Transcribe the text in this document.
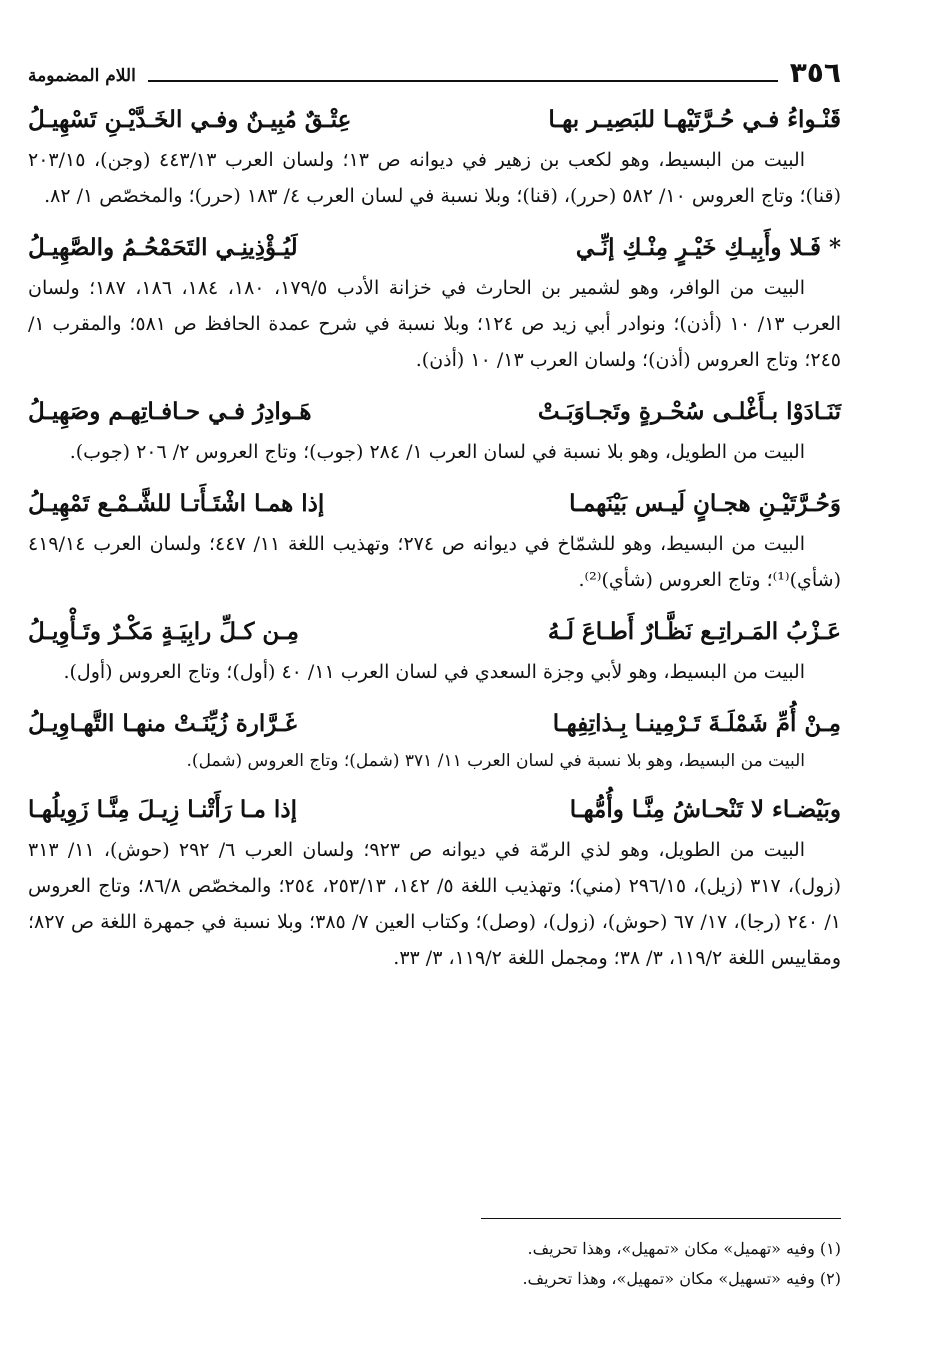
٣٥٦
اللام المضمومة
قَنْـواءُ فـي حُـرَّتَيْهـا للبَصِيـر بهـا
عِتْـقٌ مُبِيـنٌ وفـي الخَـدَّيْـنِ تَسْهِيـلُ

البيت من البسيط، وهو لكعب بن زهير في ديوانه ص ١٣؛ ولسان العرب ٤٤٣/١٣ (وجن)، ٢٠٣/١٥ (قنا)؛ وتاج العروس ١٠/ ٥٨٢ (حرر)، (قنا)؛ وبلا نسبة في لسان العرب ٤/ ١٨٣ (حرر)؛ والمخصّص ١/ ٨٢.

* فَـلا وأَبِيـكِ خَيْـرٍ مِنْـكِ إنِّـي
لَيُـؤْذِينِـي التَحَمْحُـمُ والصَّهِيـلُ

البيت من الوافر، وهو لشمير بن الحارث في خزانة الأدب ١٧٩/٥، ١٨٠، ١٨٤، ١٨٦، ١٨٧؛ ولسان العرب ١٣/ ١٠ (أذن)؛ ونوادر أبي زيد ص ١٢٤؛ وبلا نسبة في شرح عمدة الحافظ ص ٥٨١؛ والمقرب ١/ ٢٤٥؛ وتاج العروس (أذن)؛ ولسان العرب ١٣/ ١٠ (أذن).

تَنَـادَوْا بـأَغْلـى سُحْـرةٍ وتَجـاوَبَـتْ
هَـوادِرُ فـي حـافـاتِهـم وصَهِيـلُ

البيت من الطويل، وهو بلا نسبة في لسان العرب ١/ ٢٨٤ (جوب)؛ وتاج العروس ٢/ ٢٠٦ (جوب).

وَحُـرَّتَيْـنِ هجـانٍ لَيـس بَيْنَهمـا
إذا همـا اشْتَـأَتـا للشَّـمْـع تَمْهِيـلُ

البيت من البسيط، وهو للشمّاخ في ديوانه ص ٢٧٤؛ وتهذيب اللغة ١١/ ٤٤٧؛ ولسان العرب ٤١٩/١٤ (شأي)⁽¹⁾؛ وتاج العروس (شأي)⁽²⁾.

عَـزْبُ المَـراتِـع نَظَّـارٌ أَطـاعَ لَـهُ
مِـن كـلِّ رابِيَـةٍ مَكْـرٌ وتَـأْوِيـلُ

البيت من البسيط، وهو لأبي وجزة السعدي في لسان العرب ١١/ ٤٠ (أول)؛ وتاج العروس (أول).

مِـنْ أُمِّ شَمْلَـةَ تَـرْمِينـا بِـذاتِفِهـا
غَـرَّارة زُيِّنَـتْ منهـا التَّهـاوِيـلُ

البيت من البسيط، وهو بلا نسبة في لسان العرب ١١/ ٣٧١ (شمل)؛ وتاج العروس (شمل).

وبَيْضـاء لا تَنْحـاشُ مِنَّـا وأُمُّهـا
إذا مـا رَأَتْنـا زِيـلَ مِنَّـا زَوِيلُهـا

البيت من الطويل، وهو لذي الرمّة في ديوانه ص ٩٢٣؛ ولسان العرب ٦/ ٢٩٢ (حوش)، ١١/ ٣١٣ (زول)، ٣١٧ (زيل)، ٢٩٦/١٥ (مني)؛ وتهذيب اللغة ٥/ ١٤٢، ٢٥٣/١٣، ٢٥٤؛ والمخصّص ٨٦/٨؛ وتاج العروس ١/ ٢٤٠ (رجا)، ١٧/ ٦٧ (حوش)، (زول)، (وصل)؛ وكتاب العين ٧/ ٣٨٥؛ وبلا نسبة في جمهرة اللغة ص ٨٢٧؛ ومقاييس اللغة ١١٩/٢، ٣/ ٣٨؛ ومجمل اللغة ١١٩/٢، ٣/ ٣٣.

(١) وفيه «تهميل» مكان «تمهيل»، وهذا تحريف.

(٢) وفيه «تسهيل» مكان «تمهيل»، وهذا تحريف.
